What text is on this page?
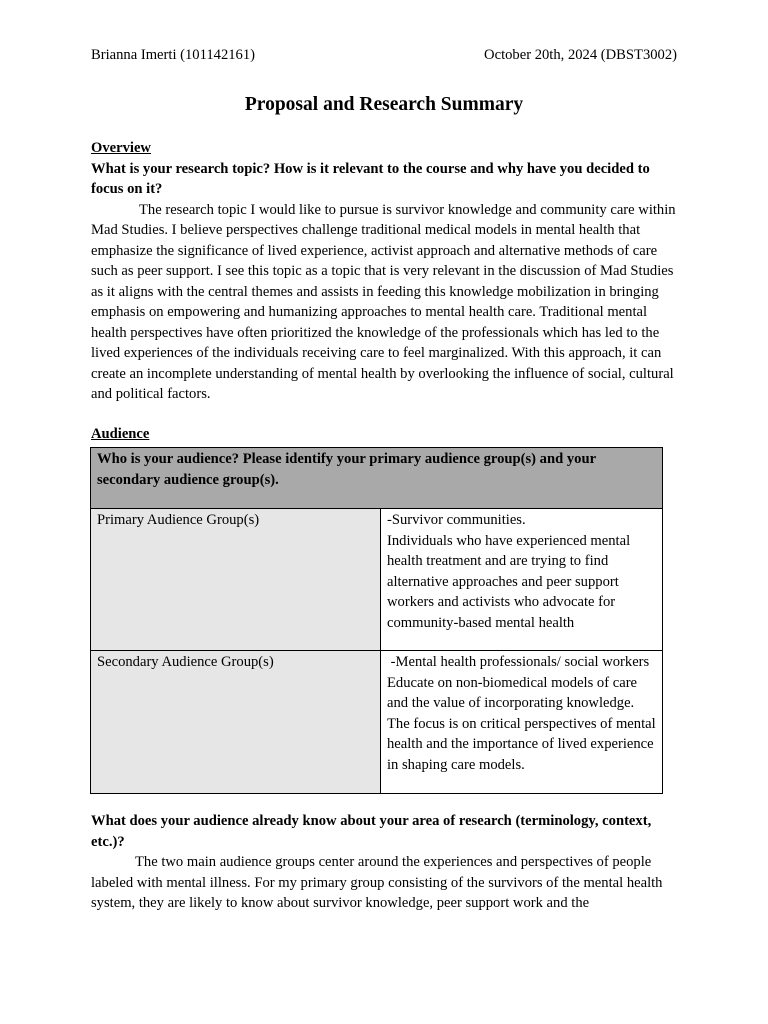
Brianna Imerti (101142161)	October 20th, 2024 (DBST3002)
Proposal and Research Summary
Overview
What is your research topic? How is it relevant to the course and why have you decided to focus on it?

The research topic I would like to pursue is survivor knowledge and community care within Mad Studies. I believe perspectives challenge traditional medical models in mental health that emphasize the significance of lived experience, activist approach and alternative methods of care such as peer support. I see this topic as a topic that is very relevant in the discussion of Mad Studies as it aligns with the central themes and assists in feeding this knowledge mobilization in bringing emphasis on empowering and humanizing approaches to mental health care. Traditional mental health perspectives have often prioritized the knowledge of the professionals which has led to the lived experiences of the individuals receiving care to feel marginalized. With this approach, it can create an incomplete understanding of mental health by overlooking the influence of social, cultural and political factors.

Audience
Who is your audience? Please identify your primary audience group(s) and your secondary audience group(s).	
Primary Audience Group(s)	-Survivor communities.
Individuals who have experienced mental health treatment and are trying to find alternative approaches and peer support workers and activists who advocate for community-based mental health

Secondary Audience Group(s)	-Mental health professionals/ social workers
Educate on non-biomedical models of care and the value of incorporating knowledge. The focus is on critical perspectives of mental health and the importance of lived experience in shaping care models.
What does your audience already know about your area of research (terminology, context, etc.)?

The two main audience groups center around the experiences and perspectives of people labeled with mental illness. For my primary group consisting of the survivors of the mental health system, they are likely to know about survivor knowledge, peer support work and the
